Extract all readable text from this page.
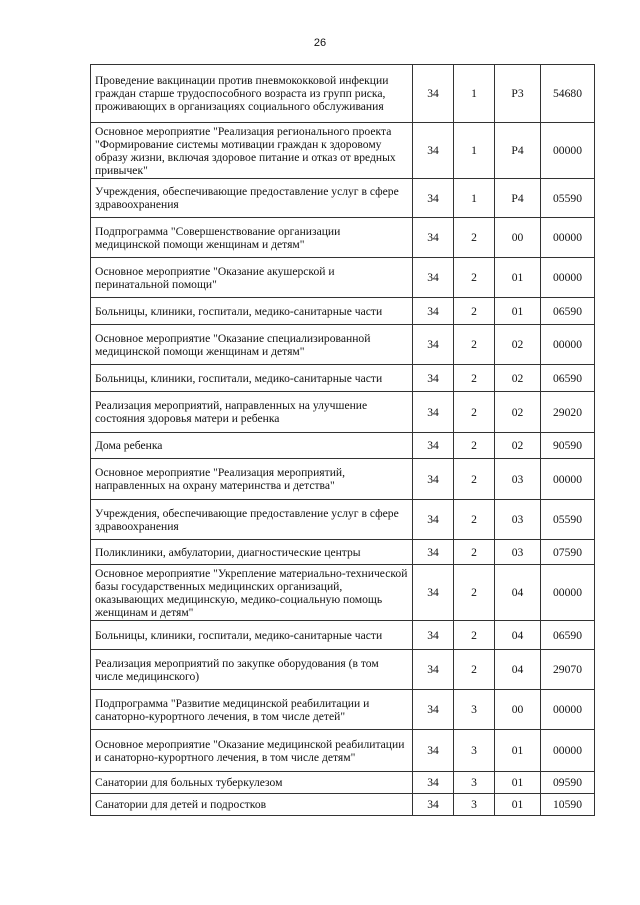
26
Проведение вакцинации против пневмококковой инфекции граждан старше трудоспособного возраста из групп риска, проживающих в организациях социального обслуживания	34	1	Р3	54680
Основное мероприятие "Реализация регионального проекта "Формирование системы мотивации граждан к здоровому образу жизни, включая здоровое питание и отказ от вредных привычек"	34	1	Р4	00000
Учреждения, обеспечивающие предоставление услуг в сфере здравоохранения	34	1	Р4	05590
Подпрограмма "Совершенствование организации медицинской помощи женщинам и детям"	34	2	00	00000
Основное мероприятие "Оказание акушерской и перинатальной помощи"	34	2	01	00000
Больницы, клиники, госпитали, медико-санитарные части	34	2	01	06590
Основное мероприятие "Оказание специализированной медицинской помощи женщинам и детям"	34	2	02	00000
Больницы, клиники, госпитали, медико-санитарные части	34	2	02	06590
Реализация мероприятий, направленных на улучшение состояния здоровья матери и ребенка	34	2	02	29020
Дома ребенка	34	2	02	90590
Основное мероприятие "Реализация мероприятий, направленных на охрану материнства и детства"	34	2	03	00000
Учреждения, обеспечивающие предоставление услуг в сфере здравоохранения	34	2	03	05590
Поликлиники, амбулатории, диагностические центры	34	2	03	07590
Основное мероприятие "Укрепление материально-технической базы государственных медицинских организаций, оказывающих медицинскую, медико-социальную помощь женщинам и детям"	34	2	04	00000
Больницы, клиники, госпитали, медико-санитарные части	34	2	04	06590
Реализация мероприятий по закупке оборудования (в том числе медицинского)	34	2	04	29070
Подпрограмма "Развитие медицинской реабилитации и санаторно-курортного лечения, в том числе детей"	34	3	00	00000
Основное мероприятие "Оказание медицинской реабилитации и санаторно-курортного лечения, в том числе детям"	34	3	01	00000
Санатории для больных туберкулезом	34	3	01	09590
Санатории для детей и подростков	34	3	01	10590
